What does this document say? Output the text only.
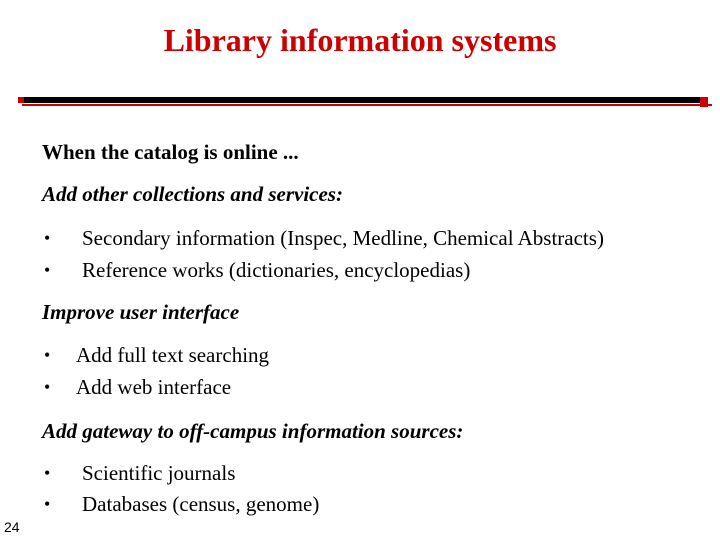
Library information systems
When the catalog is online ...
Add other collections and services:
• Secondary information (Inspec, Medline, Chemical Abstracts)
• Reference works (dictionaries, encyclopedias)
Improve user interface
• Add full text searching
• Add web interface
Add gateway to off-campus information sources:
• Scientific journals
• Databases (census, genome)
24
